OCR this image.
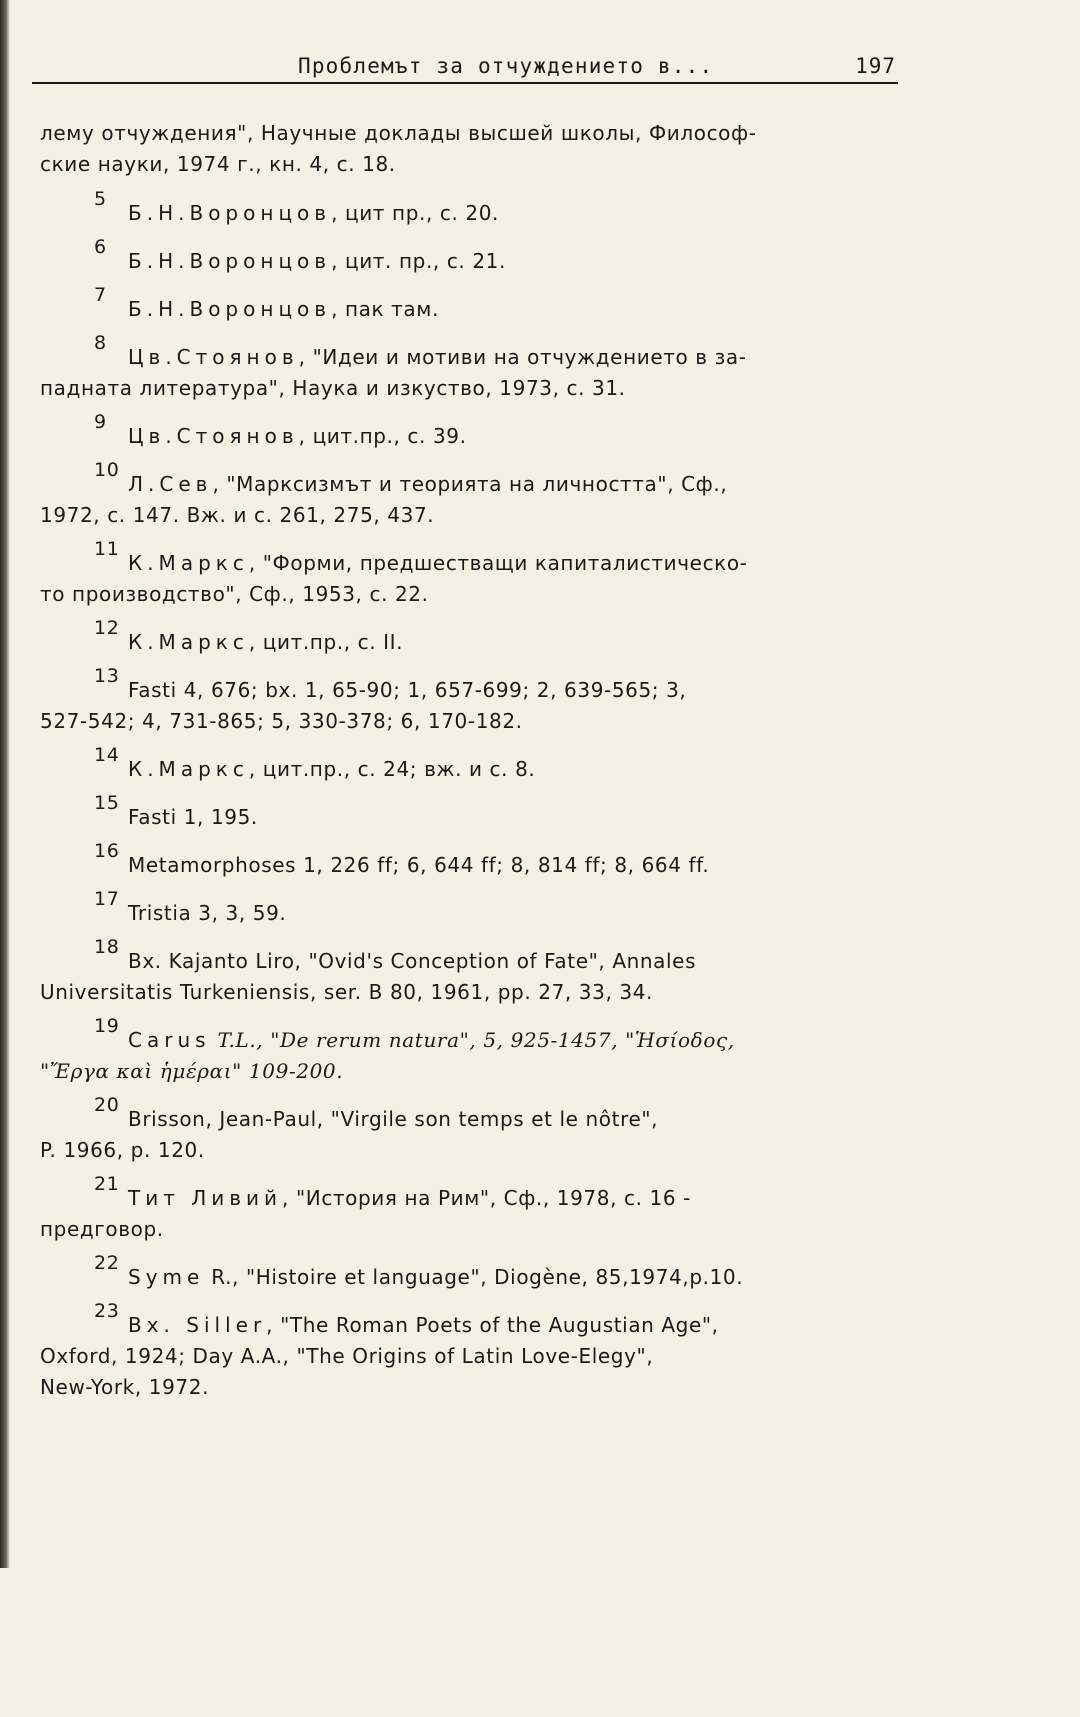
Проблемът за отчуждението в...	197
лему отчуждения", Научные доклады высшей школы, Философ-
ские науки, 1974 г., кн. 4, с. 18.
5
Б.Н.Воронцов, цит пр., с. 20.
6
Б.Н.Воронцов, цит. пр., с. 21.
7
Б.Н.Воронцов, пак там.
8
Цв.Стоянов, "Идеи и мотиви на отчуждението в за-
падната литература", Наука и изкуство, 1973, с. 31.
9
Цв.Стоянов, цит.пр., с. 39.
10
Л.Сев, "Марксизмът и теорията на личността", Сф.,
1972, с. 147. Вж. и с. 261, 275, 437.
11
К.Маркс, "Форми, предшестващи капиталистическо-
то производство", Сф., 1953, с. 22.
12
К.Маркс, цит.пр., с. II.
13
Fasti 4, 676; bx. 1, 65-90; 1, 657-699; 2, 639-565; 3,
527-542; 4, 731-865; 5, 330-378; 6, 170-182.
14
К.Маркс, цит.пр., с. 24; вж. и с. 8.
15
Fasti 1, 195.
16
Metamorphoses 1, 226 ff; 6, 644 ff; 8, 814 ff; 8, 664 ff.
17
Tristia 3, 3, 59.
18
Bx. Kajanto Liro, "Ovid's Conception of Fate", Annales
Universitatis Turkeniensis, ser. B 80, 1961, pp. 27, 33, 34.
19
Carus T.L., "De rerum natura", 5, 925-1457, "Ἡσίοδος,
"Ἔργα καὶ ἡμέραι" 109-200.
20
Brisson, Jean-Paul, "Virgile son temps et le nôtre",
P. 1966, p. 120.
21
Тит Ливий, "История на Рим", Сф., 1978, с. 16 -
предговор.
22
Syme R., "Histoire et language", Diogène, 85,1974,p.10.
23
Bx. Siller, "The Roman Poets of the Augustian Age",
Oxford, 1924; Day A.A., "The Origins of Latin Love-Elegy",
New-York, 1972.
